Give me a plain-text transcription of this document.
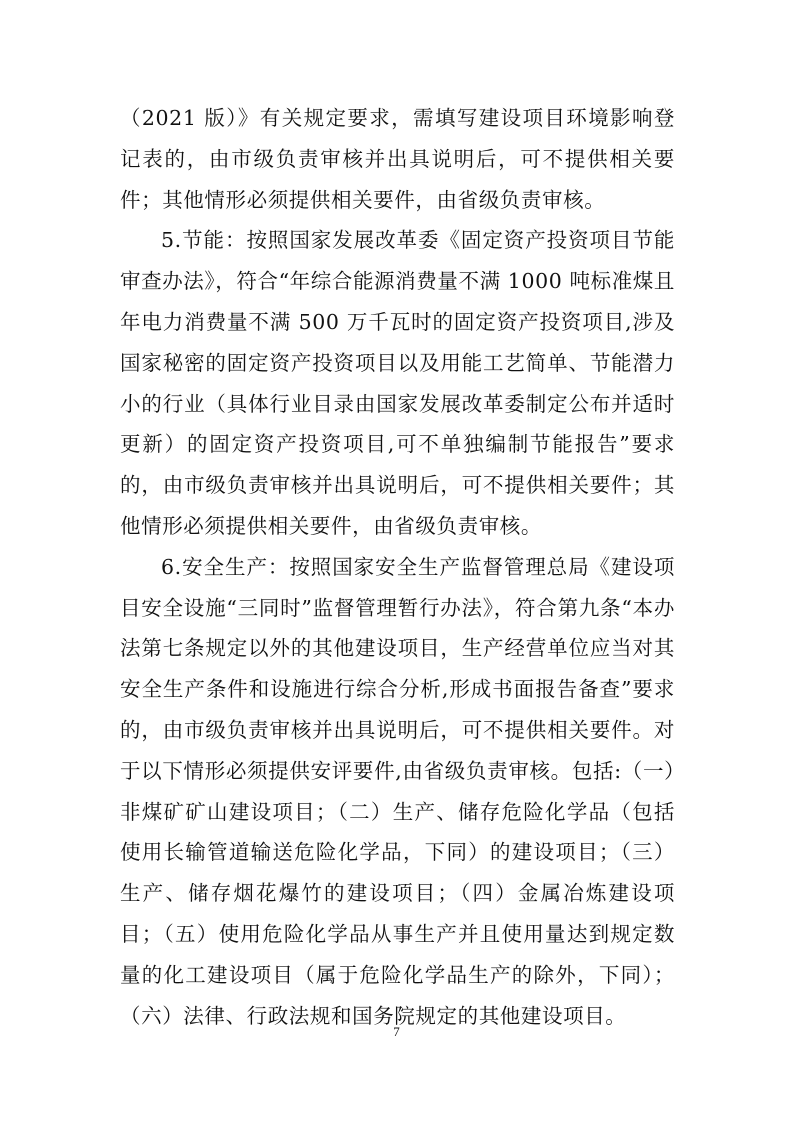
（2021 版）》有关规定要求，需填写建设项目环境影响登记表的，由市级负责审核并出具说明后，可不提供相关要件；其他情形必须提供相关要件，由省级负责审核。

5.节能：按照国家发展改革委《固定资产投资项目节能审查办法》，符合“年综合能源消费量不满 1000 吨标准煤且年电力消费量不满 500 万千瓦时的固定资产投资项目,涉及国家秘密的固定资产投资项目以及用能工艺简单、节能潜力小的行业（具体行业目录由国家发展改革委制定公布并适时更新）的固定资产投资项目,可不单独编制节能报告”要求的，由市级负责审核并出具说明后，可不提供相关要件；其他情形必须提供相关要件，由省级负责审核。

6.安全生产：按照国家安全生产监督管理总局《建设项目安全设施“三同时”监督管理暂行办法》，符合第九条“本办法第七条规定以外的其他建设项目，生产经营单位应当对其安全生产条件和设施进行综合分析,形成书面报告备查”要求的，由市级负责审核并出具说明后，可不提供相关要件。对于以下情形必须提供安评要件,由省级负责审核。包括:（一）非煤矿矿山建设项目；（二）生产、储存危险化学品（包括使用长输管道输送危险化学品，下同）的建设项目；（三）生产、储存烟花爆竹的建设项目；（四）金属冶炼建设项目；（五）使用危险化学品从事生产并且使用量达到规定数量的化工建设项目（属于危险化学品生产的除外，下同）；（六）法律、行政法规和国务院规定的其他建设项目。

7
